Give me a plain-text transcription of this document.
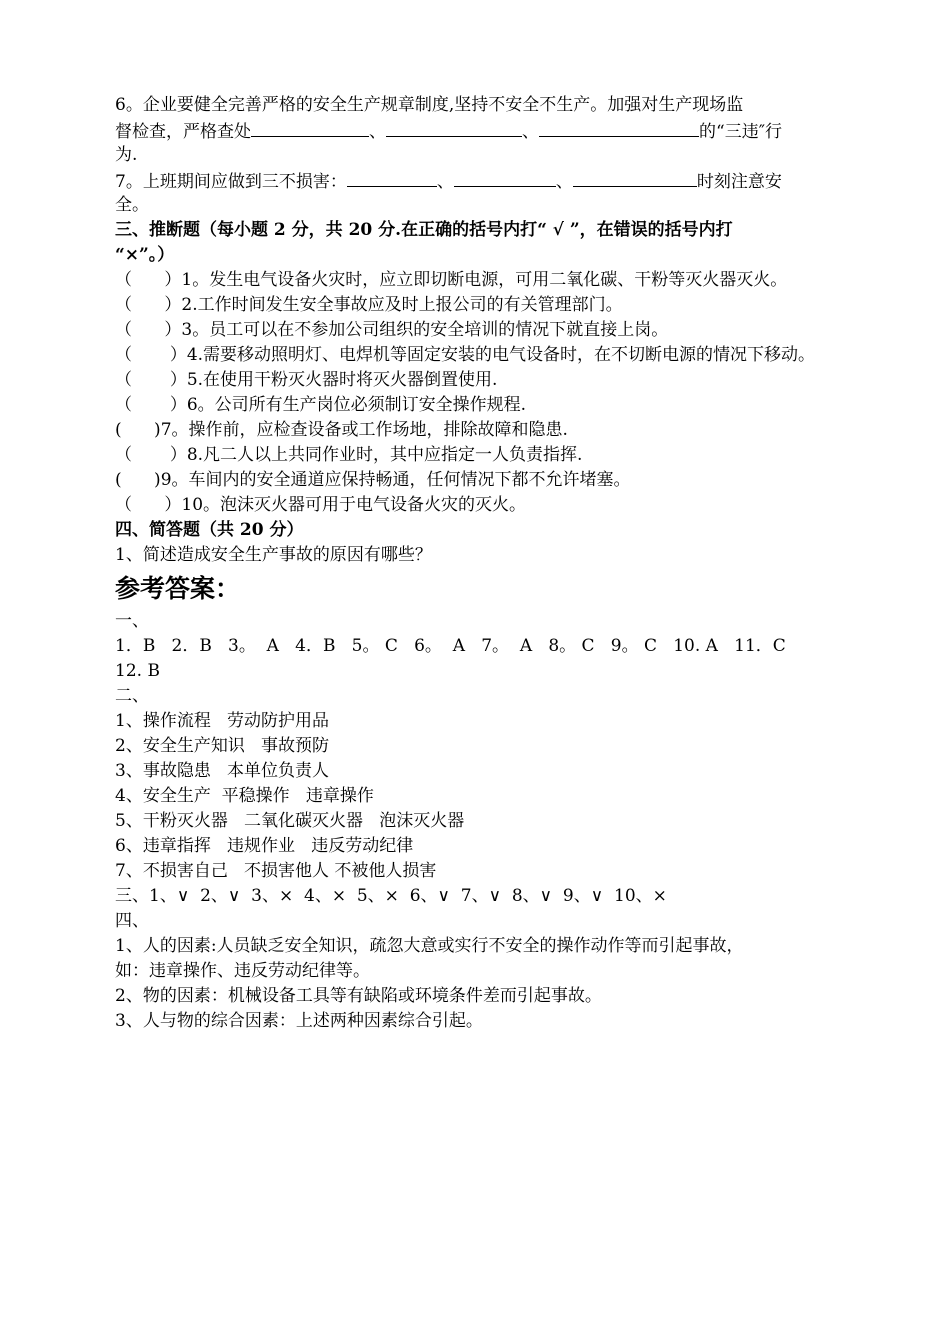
6。企业要健全完善严格的安全生产规章制度,坚持不安全不生产。加强对生产现场监
督检查，严格查处	、	、	的“三违″行
为.
7。上班期间应做到三不损害：	、	、	时刻注意安
全。
三、推断题（每小题 2 分，共 20 分.在正确的括号内打“ √ ”，在错误的括号内打
“×”。）
（      ）1。发生电气设备火灾时，应立即切断电源，可用二氧化碳、干粉等灭火器灭火。
（      ）2.工作时间发生安全事故应及时上报公司的有关管理部门。
（      ）3。员工可以在不参加公司组织的安全培训的情况下就直接上岗。
（       ）4.需要移动照明灯、电焊机等固定安装的电气设备时，在不切断电源的情况下移动。
（       ）5.在使用干粉灭火器时将灭火器倒置使用.
（       ）6。公司所有生产岗位必须制订安全操作规程.
(      )7。操作前，应检查设备或工作场地，排除故障和隐患.
（       ）8.凡二人以上共同作业时，其中应指定一人负责指挥.
(      )9。车间内的安全通道应保持畅通，任何情况下都不允许堵塞。
（      ）10。泡沫灭火器可用于电气设备火灾的灭火。
四、简答题（共 20 分）
1、简述造成安全生产事故的原因有哪些？
参考答案：
一、
1．B   2．B   3。  A   4．B   5。 C   6。  A   7。  A   8。 C   9。 C   10. A   11．C
12. B
二、
1、操作流程   劳动防护用品
2、安全生产知识   事故预防
3、事故隐患   本单位负责人
4、安全生产  平稳操作   违章操作
5、干粉灭火器   二氧化碳灭火器   泡沫灭火器
6、违章指挥   违规作业   违反劳动纪律
7、不损害自己   不损害他人 不被他人损害
三、1、∨  2、∨  3、×  4、×  5、×  6、∨  7、∨  8、∨  9、∨  10、×
四、
1、人的因素:人员缺乏安全知识，疏忽大意或实行不安全的操作动作等而引起事故，
如：违章操作、违反劳动纪律等。
2、物的因素：机械设备工具等有缺陷或环境条件差而引起事故。
3、人与物的综合因素：上述两种因素综合引起。
